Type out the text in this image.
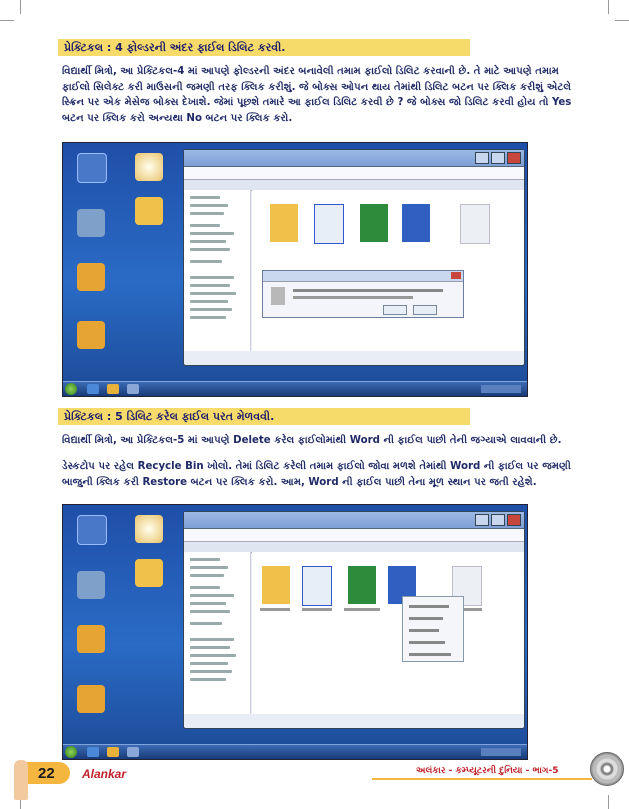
પ્રેક્ટિકલ : 4 ફોલ્ડરની અંદર ફાઈલ ડિલિટ કરવી.
વિદ્યાર્થી મિત્રો, આ પ્રેક્ટિકલ-4 માં આપણે ફોલ્ડરની અંદર બનાવેલી તમામ ફાઈલો ડિલિટ કરવાની છે. તે માટે આપણે તમામ ફાઈલો સિલેક્ટ કરી માઉસની જમણી તરફ ક્લિક કરીશું. જે બોક્સ ઓપન થાય તેમાંથી ડિલિટ બટન પર ક્લિક કરીશું એટલે સ્ક્રિન પર એક મેસેજ બોક્સ દેખાશે. જેમાં પૂછશે તમારે આ ફાઈલ ડિલિટ કરવી છે ? જે બોક્સ જો ડિલિટ કરવી હોય તો Yes બટન પર ક્લિક કરો અન્યથા No બટન પર ક્લિક કરો.
પ્રેક્ટિકલ : 5 ડિલિટ કરેલ ફાઈલ પરત મેળવવી.
વિદ્યાર્થી મિત્રો, આ પ્રેક્ટિકલ-5 માં આપણે Delete કરેલ ફાઈલોમાંથી Word ની ફાઈલ પાછી તેની જગ્યાએ લાવવાની છે.
ડેસ્કટોપ પર રહેલ Recycle Bin ખોલો. તેમાં ડિલિટ કરેલી તમામ ફાઈલો જોવા મળશે તેમાંથી Word ની ફાઈલ પર જમણી બાજુની ક્લિક કરી Restore બટન પર ક્લિક કરો. આમ, Word ની ફાઈલ પાછી તેના મૂળ સ્થાન પર જતી રહેશે.
22 Alankar	અલંકાર - કમ્પ્યૂટરની દુનિયા - ભાગ-5
